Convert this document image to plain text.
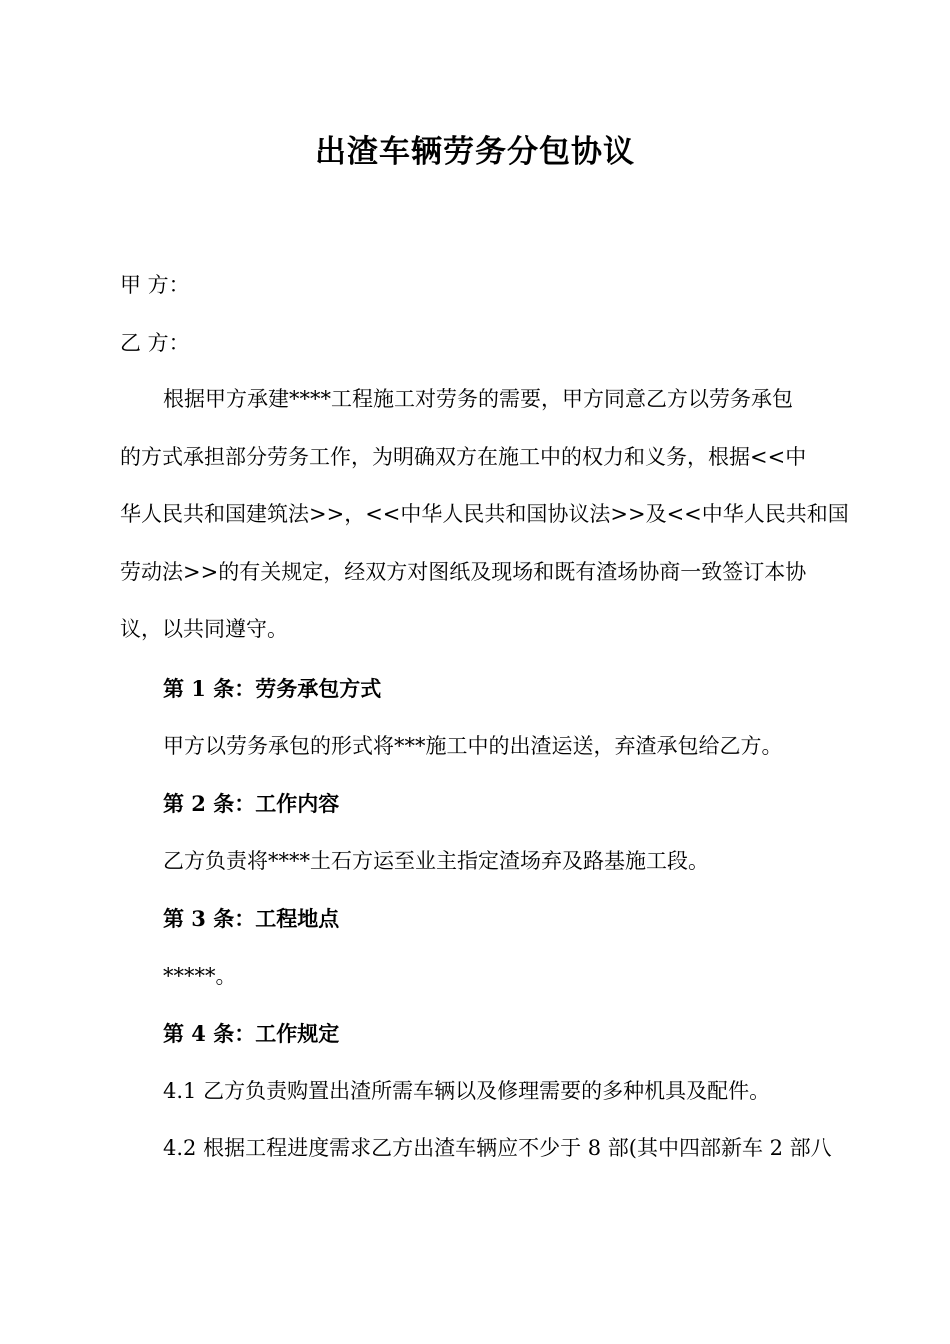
出渣车辆劳务分包协议
甲 方：
乙 方：
根据甲方承建****工程施工对劳务的需要，甲方同意乙方以劳务承包
的方式承担部分劳务工作，为明确双方在施工中的权力和义务，根据<<中
华人民共和国建筑法>>，<<中华人民共和国协议法>>及<<中华人民共和国
劳动法>>的有关规定，经双方对图纸及现场和既有渣场协商一致签订本协
议，以共同遵守。
第 1 条：劳务承包方式
甲方以劳务承包的形式将***施工中的出渣运送，弃渣承包给乙方。
第 2 条：工作内容
乙方负责将****土石方运至业主指定渣场弃及路基施工段。
第 3 条：工程地点
*****。
第 4 条：工作规定
4.1 乙方负责购置出渣所需车辆以及修理需要的多种机具及配件。
4.2 根据工程进度需求乙方出渣车辆应不少于 8 部(其中四部新车 2 部八
